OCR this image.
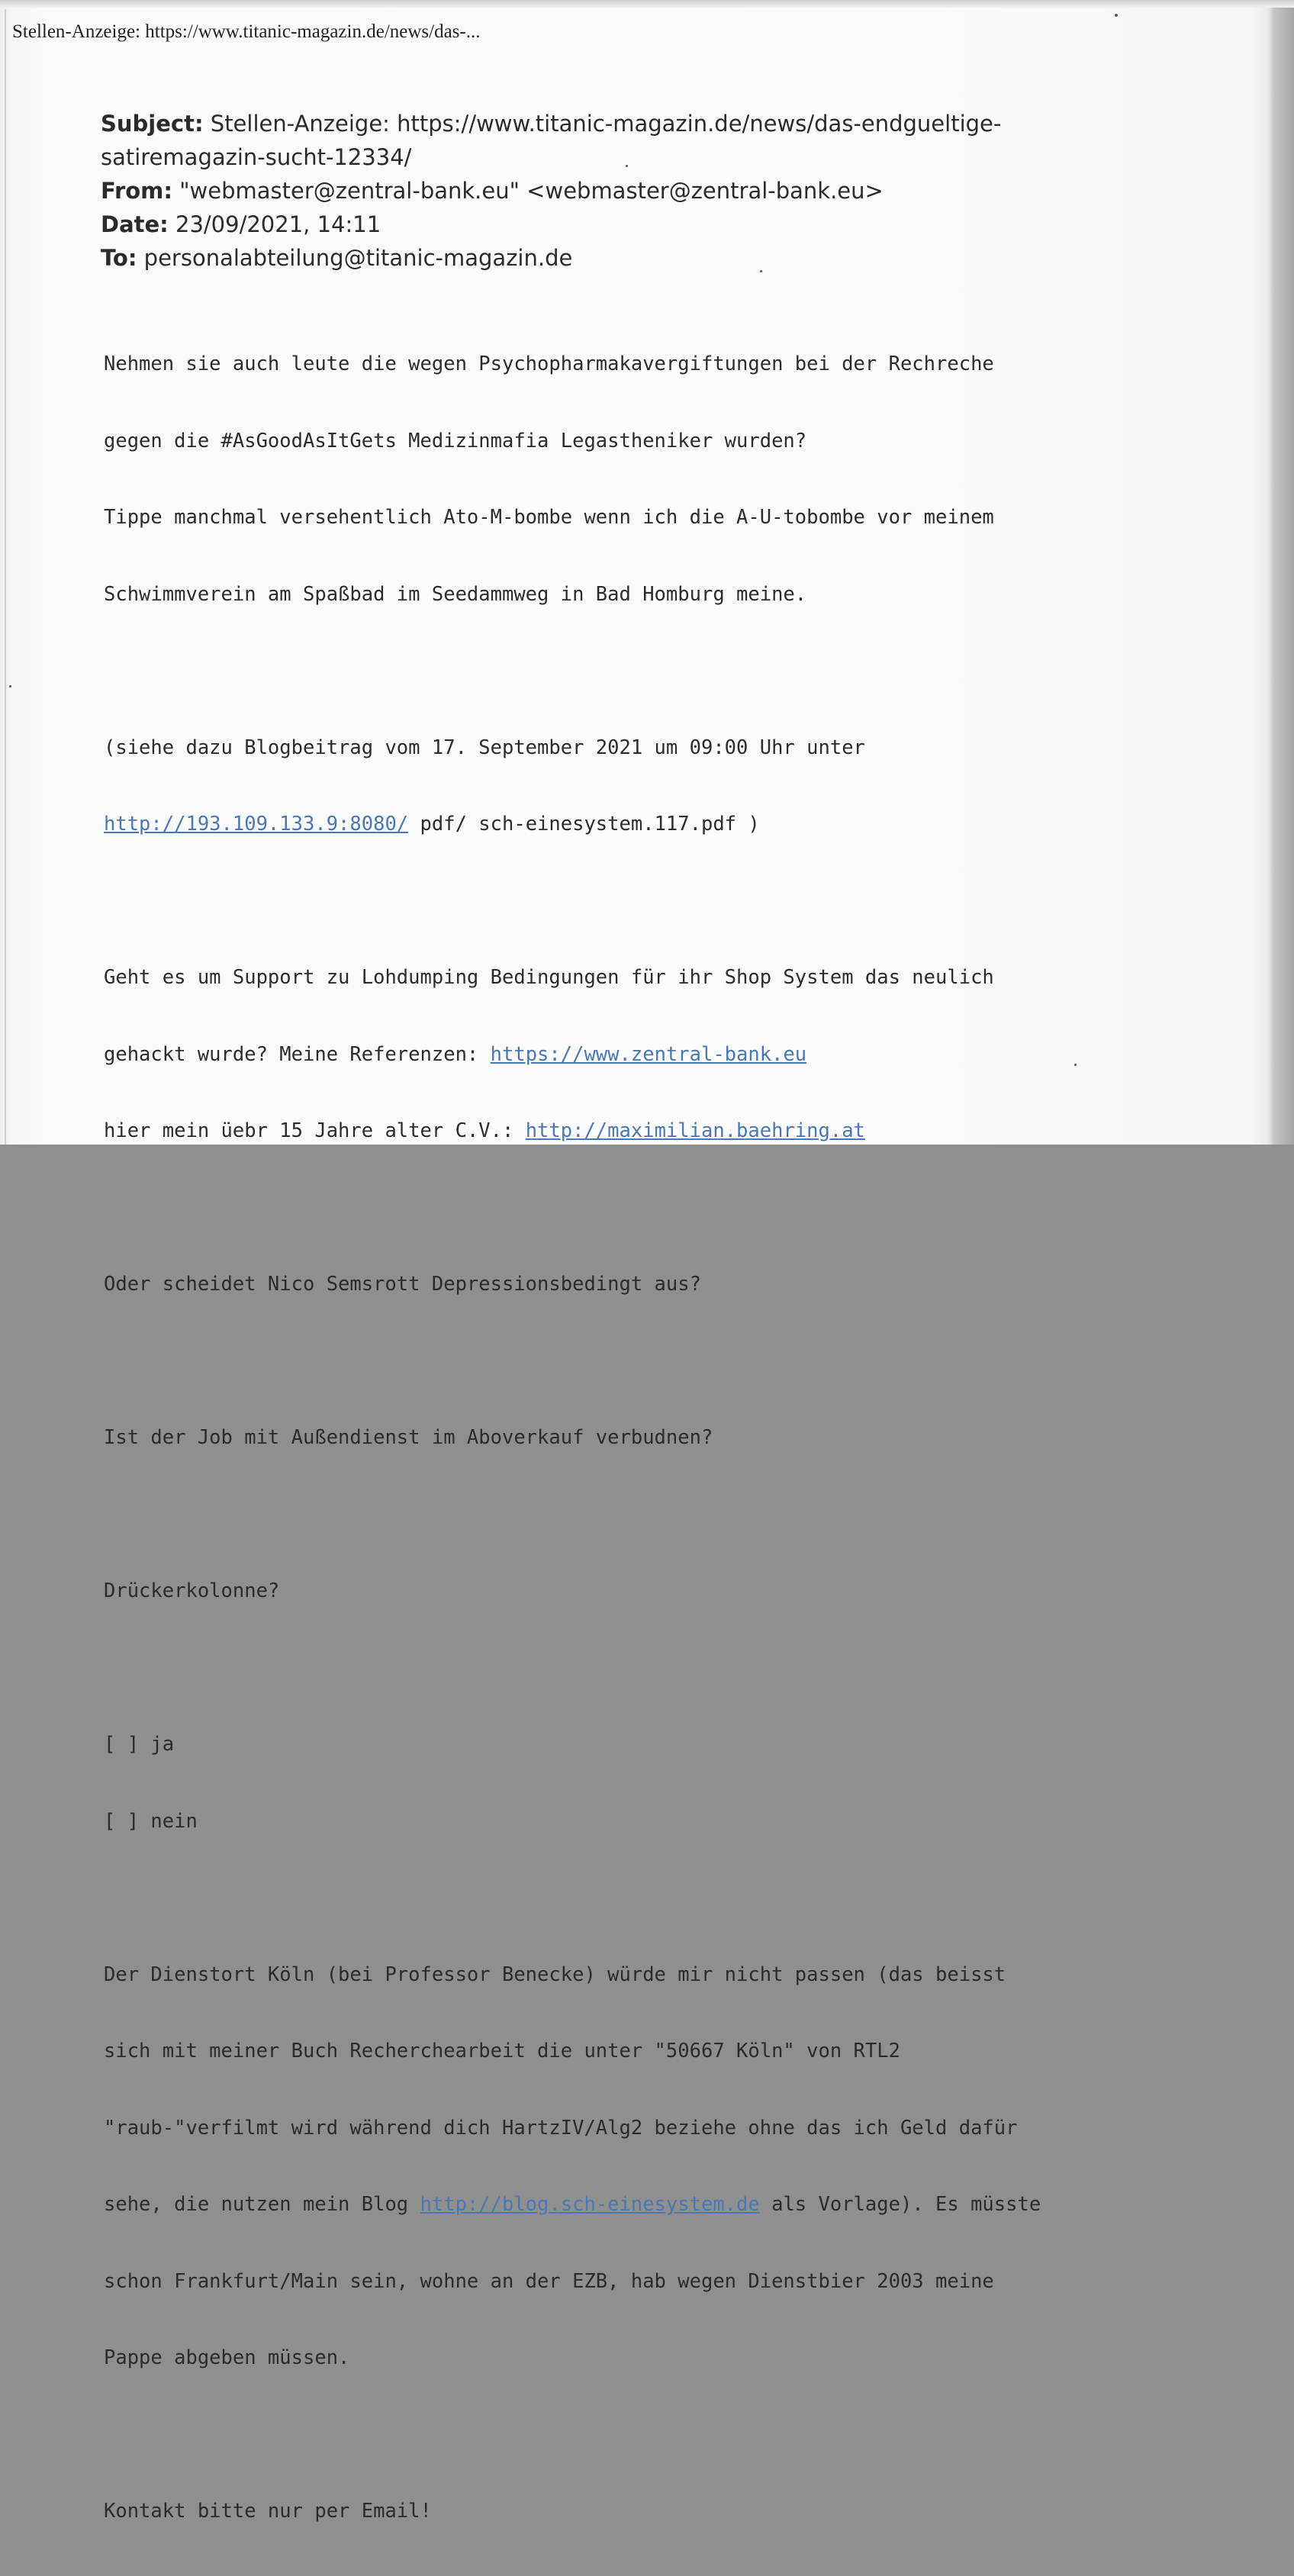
Stellen-Anzeige: https://www.titanic-magazin.de/news/das-...
Subject: Stellen-Anzeige: https://www.titanic-magazin.de/news/das-endgueltige-
satiremagazin-sucht-12334/
From: "webmaster@zentral-bank.eu" <webmaster@zentral-bank.eu>
Date: 23/09/2021, 14:11
To: personalabteilung@titanic-magazin.de

Nehmen sie auch leute die wegen Psychopharmakavergiftungen bei der Rechreche

gegen die #AsGoodAsItGets Medizinmafia Legastheniker wurden?

Tippe manchmal versehentlich Ato-M-bombe wenn ich die A-U-tobombe vor meinem

Schwimmverein am Spaßbad im Seedammweg in Bad Homburg meine.

(siehe dazu Blogbeitrag vom 17. September 2021 um 09:00 Uhr unter

http://193.109.133.9:8080/ pdf/ sch-einesystem.117.pdf )

Geht es um Support zu Lohdumping Bedingungen für ihr Shop System das neulich

gehackt wurde? Meine Referenzen: https://www.zentral-bank.eu

hier mein üebr 15 Jahre alter C.V.: http://maximilian.baehring.at

Oder scheidet Nico Semsrott Depressionsbedingt aus?

Ist der Job mit Außendienst im Aboverkauf verbudnen?

Drückerkolonne?

[ ] ja

[ ] nein

Der Dienstort Köln (bei Professor Benecke) würde mir nicht passen (das beisst

sich mit meiner Buch Recherchearbeit die unter "50667 Köln" von RTL2

"raub-"verfilmt wird während dich HartzIV/Alg2 beziehe ohne das ich Geld dafür

sehe, die nutzen mein Blog http://blog.sch-einesystem.de als Vorlage). Es müsste

schon Frankfurt/Main sein, wohne an der EZB, hab wegen Dienstbier 2003 meine

Pappe abgeben müssen.

Kontakt bitte nur per Email!
